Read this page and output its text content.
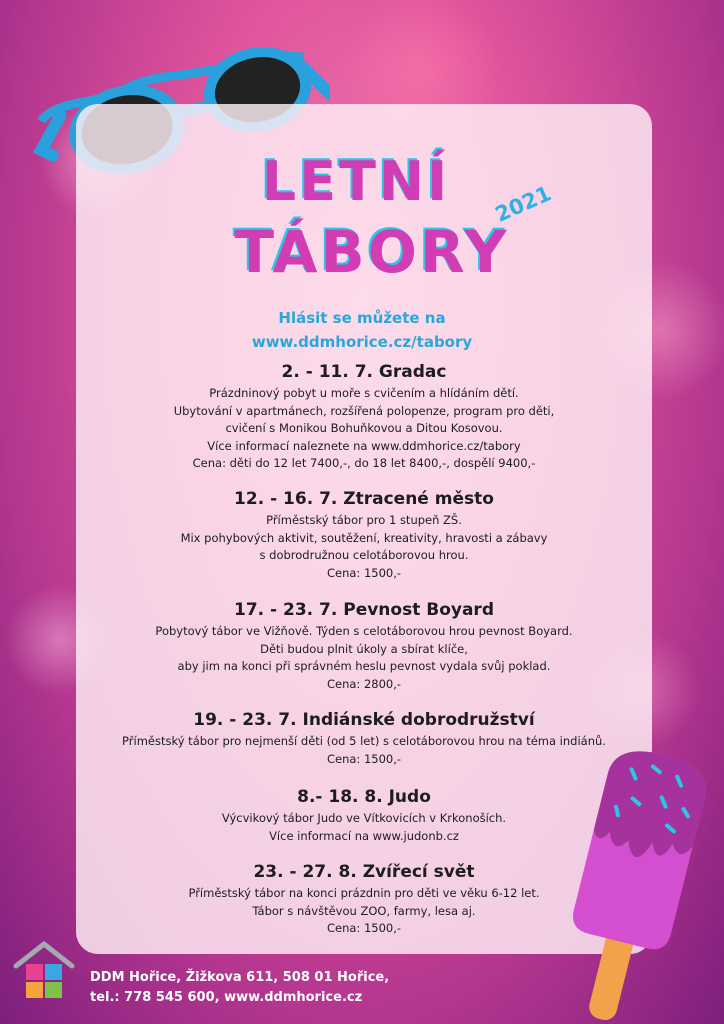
LETNÍ
TÁBORY
2021
Hlásit se můžete na
www.ddmhorice.cz/tabory
2. - 11. 7. Gradac
Prázdninový pobyt u moře s cvičením a hlídáním dětí.
Ubytování v apartmánech, rozšířená polopenze, program pro děti,
cvičení s Monikou Bohuňkovou a Ditou Kosovou.
Více informací naleznete na www.ddmhorice.cz/tabory
Cena: děti do 12 let 7400,-, do 18 let 8400,-, dospělí 9400,-
12. - 16. 7. Ztracené město
Příměstský tábor pro 1 stupeň ZŠ.
Mix pohybových aktivit, soutěžení, kreativity, hravosti a zábavy
s dobrodružnou celotáborovou hrou.
Cena: 1500,-
17. - 23. 7. Pevnost Boyard
Pobytový tábor ve Vižňově. Týden s celotáborovou hrou pevnost Boyard.
Děti budou plnit úkoly a sbírat klíče,
aby jim na konci při správném heslu pevnost vydala svůj poklad.
Cena: 2800,-
19. - 23. 7. Indiánské dobrodružství
Příměstský tábor pro nejmenší děti (od 5 let) s celotáborovou hrou na téma indiánů.
Cena: 1500,-
8.- 18. 8. Judo
Výcvikový tábor Judo ve Vítkovicích v Krkonoších.
Více informací na www.judonb.cz
23. - 27. 8. Zvířecí svět
Příměstský tábor na konci prázdnin pro děti ve věku 6-12 let.
Tábor s návštěvou ZOO, farmy, lesa aj.
Cena: 1500,-
DDM Hořice, Žižkova 611, 508 01 Hořice,
tel.: 778 545 600, www.ddmhorice.cz
